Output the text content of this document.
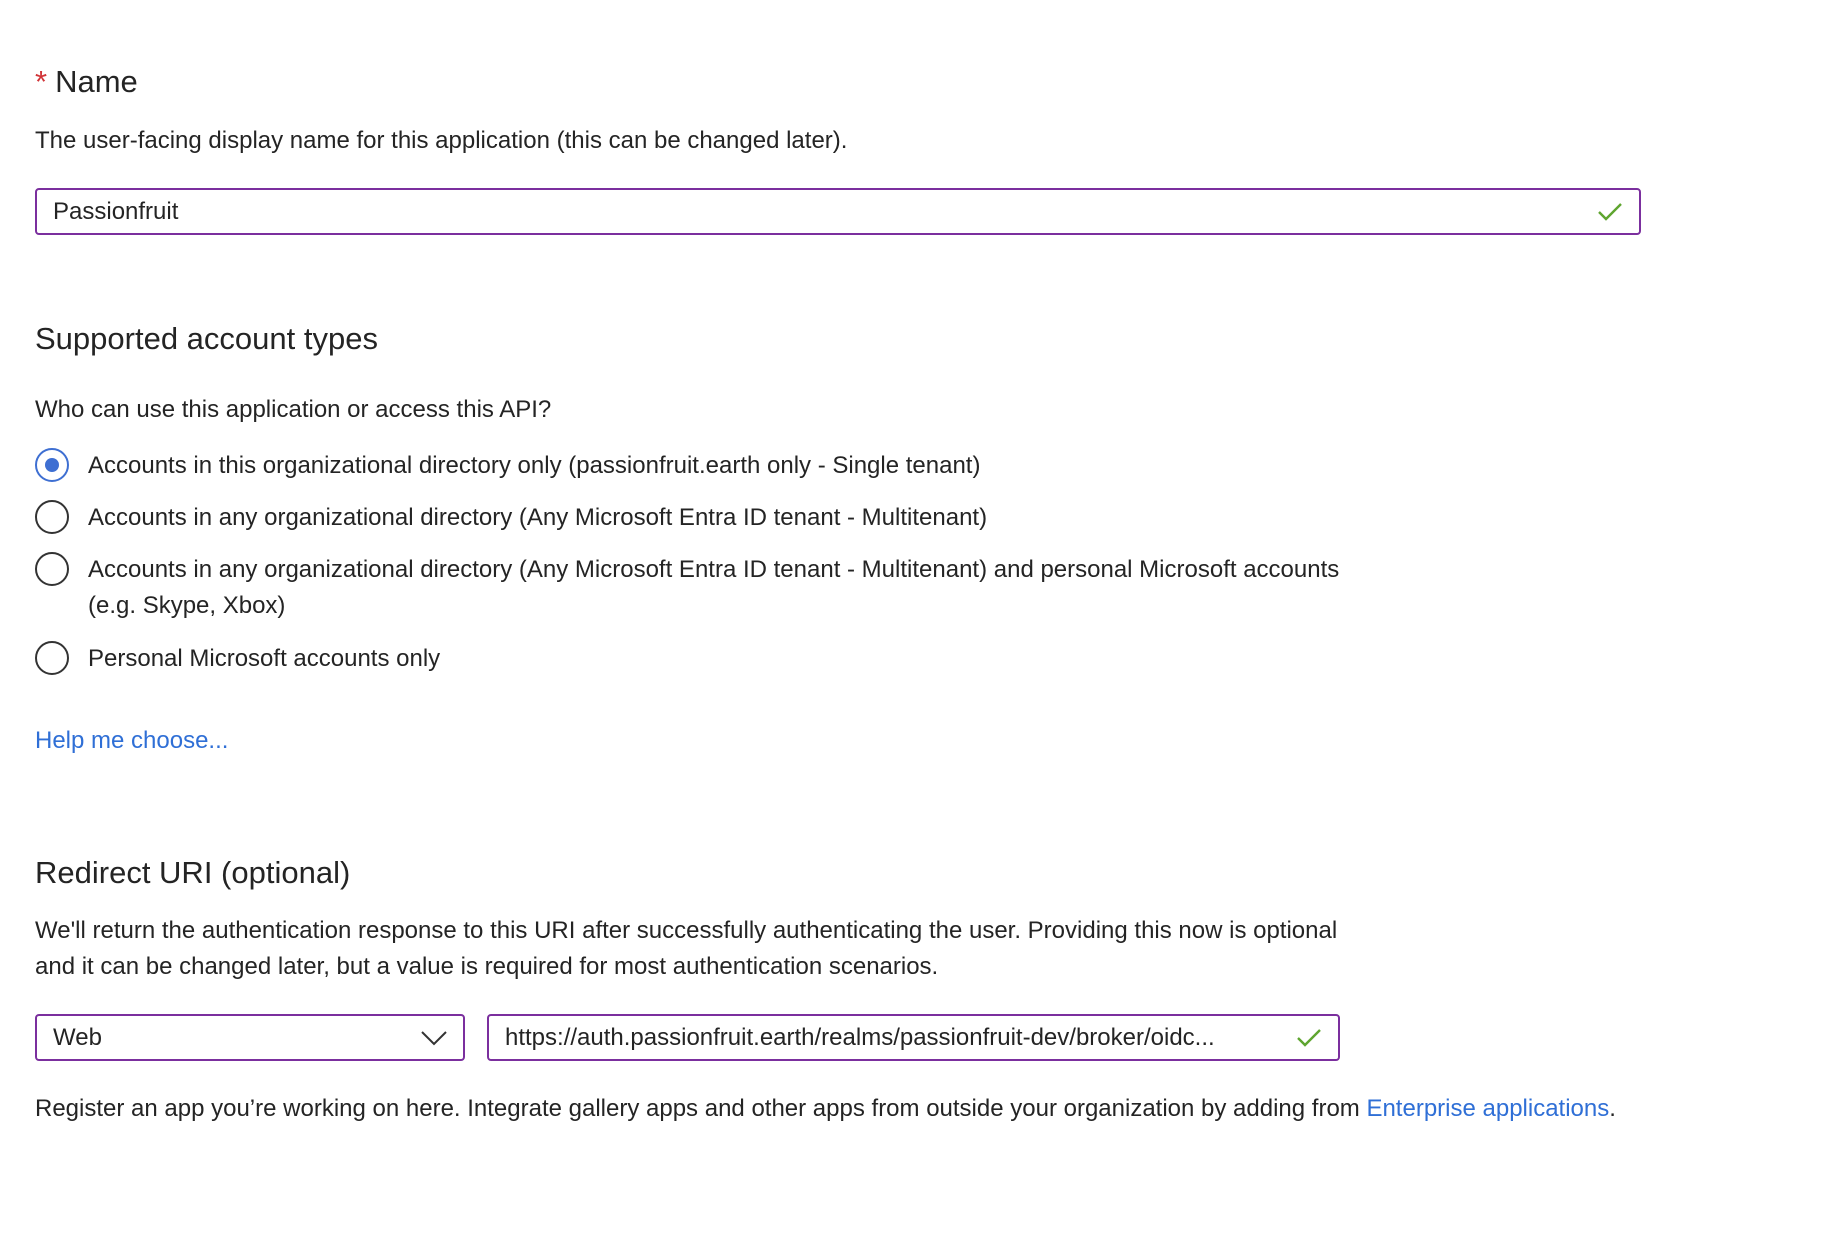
* Name
The user-facing display name for this application (this can be changed later).
Passionfruit
Supported account types
Who can use this application or access this API?
Accounts in this organizational directory only (passionfruit.earth only - Single tenant)
Accounts in any organizational directory (Any Microsoft Entra ID tenant - Multitenant)
Accounts in any organizational directory (Any Microsoft Entra ID tenant - Multitenant) and personal Microsoft accounts (e.g. Skype, Xbox)
Personal Microsoft accounts only
Help me choose...
Redirect URI (optional)
We'll return the authentication response to this URI after successfully authenticating the user. Providing this now is optional and it can be changed later, but a value is required for most authentication scenarios.
Web	https://auth.passionfruit.earth/realms/passionfruit-dev/broker/oidc...
Register an app you’re working on here. Integrate gallery apps and other apps from outside your organization by adding from Enterprise applications.
